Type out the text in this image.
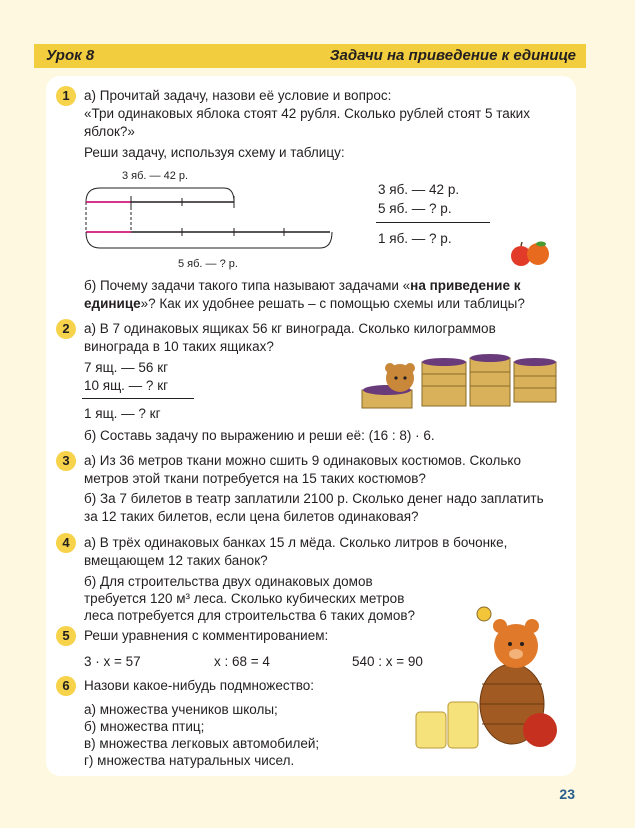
Урок 8	Задачи на приведение к единице
1	а) Прочитай задачу, назови её условие и вопрос:
«Три одинаковых яблока стоят 42 рубля. Сколько рублей стоят 5 таких
яблок?»
Реши задачу, используя схему и таблицу:
3 яб. — 42 р.
5 яб. — ? р.
3 яб. — 42 р.
5 яб. — ? р.
1 яб. — ? р.
б) Почему задачи такого типа называют задачами «на приведение к
единице»? Как их удобнее решать – с помощью схемы или таблицы?
2	а) В 7 одинаковых ящиках 56 кг винограда. Сколько килограммов
винограда в 10 таких ящиках?
7 ящ. — 56 кг
10 ящ. — ? кг
1 ящ. — ? кг
б) Составь задачу по выражению и реши её: (16 : 8) · 6.
3	а) Из 36 метров ткани можно сшить 9 одинаковых костюмов. Сколько
метров этой ткани потребуется на 15 таких костюмов?
б) За 7 билетов в театр заплатили 2100 р. Сколько денег надо заплатить
за 12 таких билетов, если цена билетов одинаковая?
4	а) В трёх одинаковых банках 15 л мёда. Сколько литров в бочонке,
вмещающем 12 таких банок?
б) Для строительства двух одинаковых домов
требуется 120 м³ леса. Сколько кубических метров
леса потребуется для строительства 6 таких домов?
5	Реши уравнения с комментированием:
3 · x = 57	x : 68 = 4	540 : x = 90
6	Назови какое-нибудь подмножество:
а) множества учеников школы;
б) множества птиц;
в) множества легковых автомобилей;
г) множества натуральных чисел.
23
